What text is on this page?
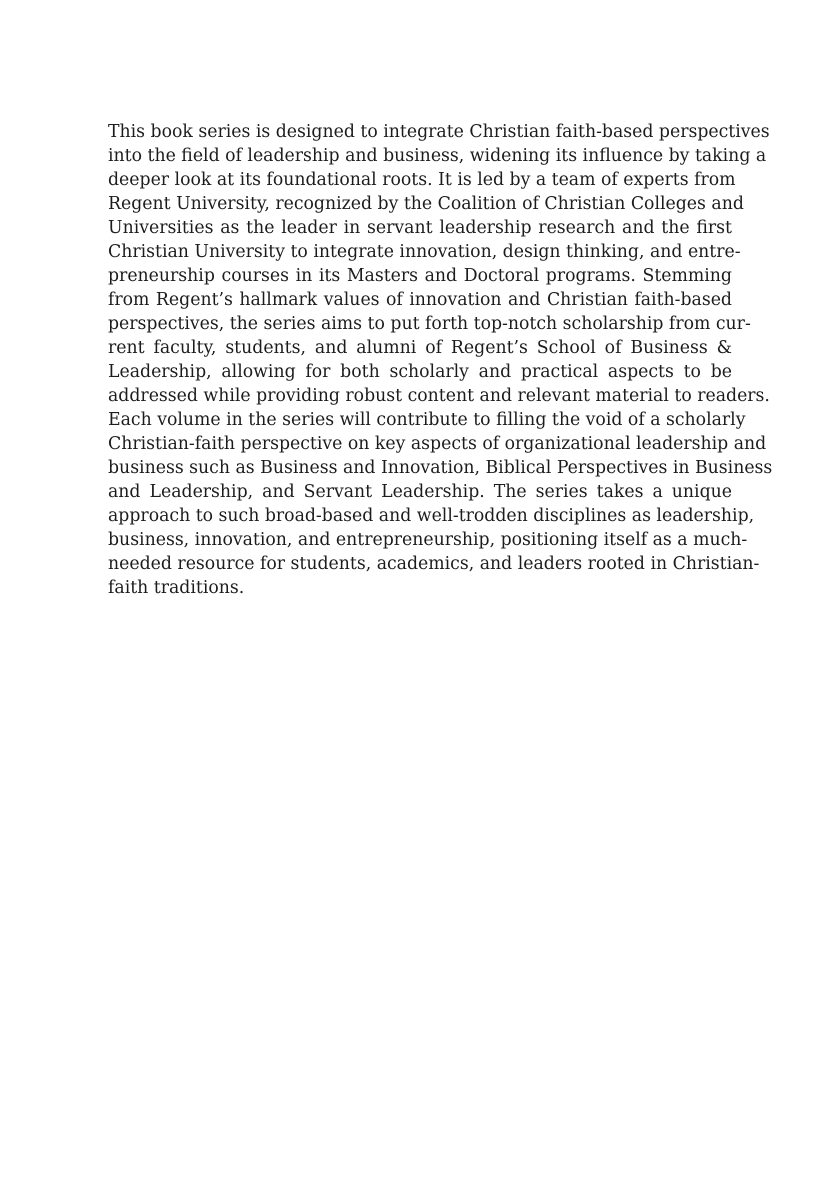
This book series is designed to integrate Christian faith-based perspectives
into the field of leadership and business, widening its influence by taking a
deeper look at its foundational roots. It is led by a team of experts from
Regent University, recognized by the Coalition of Christian Colleges and
Universities as the leader in servant leadership research and the first
Christian University to integrate innovation, design thinking, and entre-
preneurship courses in its Masters and Doctoral programs. Stemming
from Regent’s hallmark values of innovation and Christian faith-based
perspectives, the series aims to put forth top-notch scholarship from cur-
rent faculty, students, and alumni of Regent’s School of Business &
Leadership, allowing for both scholarly and practical aspects to be
addressed while providing robust content and relevant material to readers.
Each volume in the series will contribute to filling the void of a scholarly
Christian-faith perspective on key aspects of organizational leadership and
business such as Business and Innovation, Biblical Perspectives in Business
and Leadership, and Servant Leadership. The series takes a unique
approach to such broad-based and well-trodden disciplines as leadership,
business, innovation, and entrepreneurship, positioning itself as a much-
needed resource for students, academics, and leaders rooted in Christian-
faith traditions.
